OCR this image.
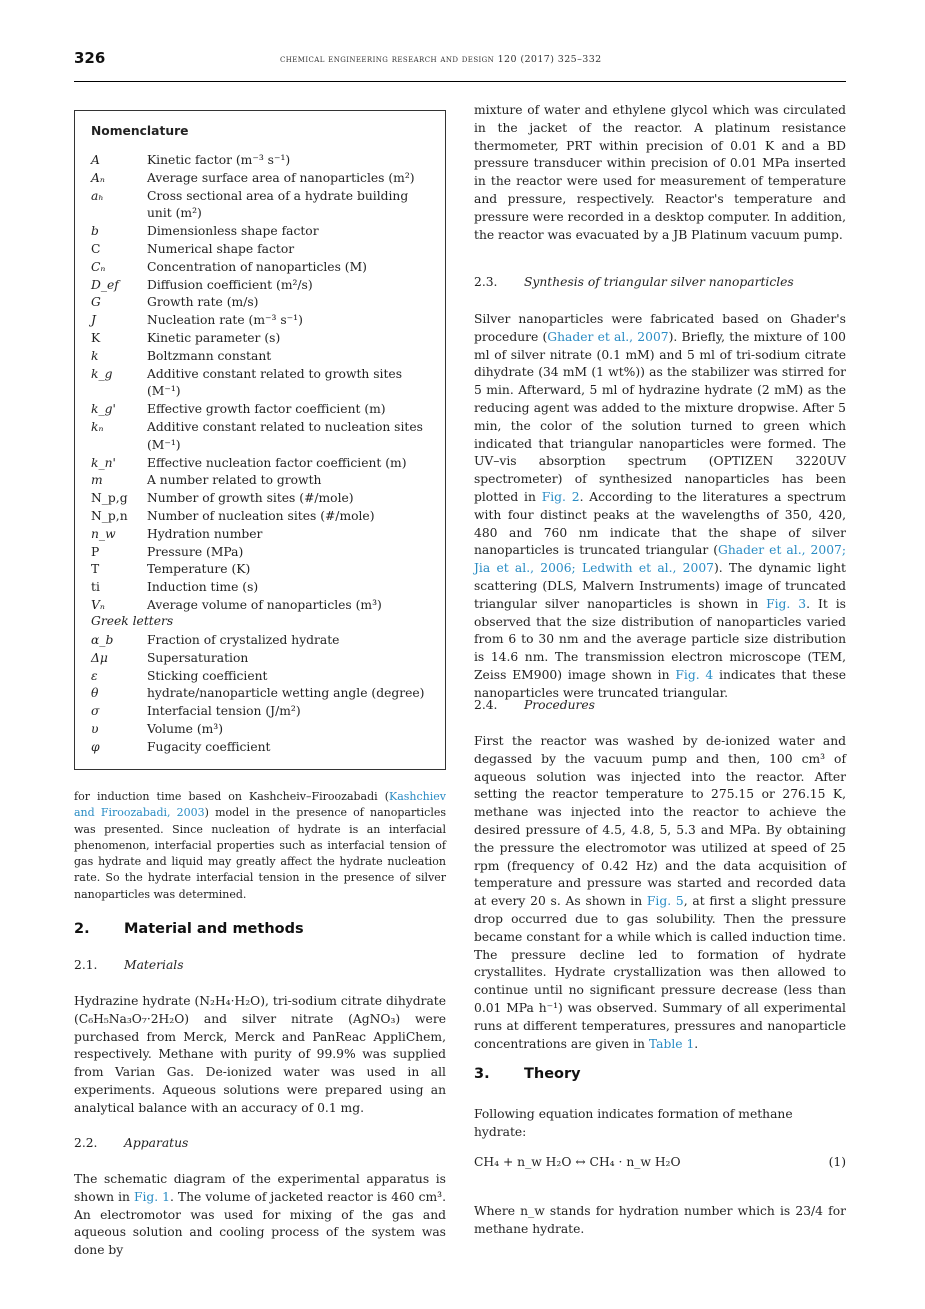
326	chemical engineering research and design 120 (2017) 325–332
Nomenclature
A	Kinetic factor (m⁻³ s⁻¹)
Aₙ	Average surface area of nanoparticles (m²)
aₕ	Cross sectional area of a hydrate building unit (m²)
b	Dimensionless shape factor
C	Numerical shape factor
Cₙ	Concentration of nanoparticles (M)
D_ef Diffusion coefficient (m²/s)
G	Growth rate (m/s)
J	Nucleation rate (m⁻³ s⁻¹)
K	Kinetic parameter (s)
k	Boltzmann constant
k_g	Additive constant related to growth sites (M⁻¹)
k_g'	Effective growth factor coefficient (m)
kₙ	Additive constant related to nucleation sites (M⁻¹)
k_n'	Effective nucleation factor coefficient (m)
m	A number related to growth
N_p,g Number of growth sites (#/mole)
N_p,n Number of nucleation sites (#/mole)
n_w	Hydration number
P	Pressure (MPa)
T	Temperature (K)
ti	Induction time (s)
Vₙ	Average volume of nanoparticles (m³)
Greek letters
α_b	Fraction of crystalized hydrate
Δμ	Supersaturation
ε	Sticking coefficient
θ	hydrate/nanoparticle wetting angle (degree)
σ	Interfacial tension (J/m²)
υ	Volume (m³)
φ	Fugacity coefficient
for induction time based on Kashcheiv–Firoozabadi (Kashchiev and Firoozabadi, 2003) model in the presence of nanoparticles was presented. Since nucleation of hydrate is an interfacial phenomenon, interfacial properties such as interfacial tension of gas hydrate and liquid may greatly affect the hydrate nucleation rate. So the hydrate interfacial tension in the presence of silver nanoparticles was determined.
2. Material and methods
2.1. Materials
Hydrazine hydrate (N₂H₄·H₂O), tri-sodium citrate dihydrate (C₆H₅Na₃O₇·2H₂O) and silver nitrate (AgNO₃) were purchased from Merck, Merck and PanReac AppliChem, respectively. Methane with purity of 99.9% was supplied from Varian Gas. De-ionized water was used in all experiments. Aqueous solutions were prepared using an analytical balance with an accuracy of 0.1 mg.
2.2. Apparatus
The schematic diagram of the experimental apparatus is shown in Fig. 1. The volume of jacketed reactor is 460 cm³. An electromotor was used for mixing of the gas and aqueous solution and cooling process of the system was done by
mixture of water and ethylene glycol which was circulated in the jacket of the reactor. A platinum resistance thermometer, PRT within precision of 0.01 K and a BD pressure transducer within precision of 0.01 MPa inserted in the reactor were used for measurement of temperature and pressure, respectively. Reactor's temperature and pressure were recorded in a desktop computer. In addition, the reactor was evacuated by a JB Platinum vacuum pump.
2.3. Synthesis of triangular silver nanoparticles
Silver nanoparticles were fabricated based on Ghader's procedure (Ghader et al., 2007). Briefly, the mixture of 100 ml of silver nitrate (0.1 mM) and 5 ml of tri-sodium citrate dihydrate (34 mM (1 wt%)) as the stabilizer was stirred for 5 min. Afterward, 5 ml of hydrazine hydrate (2 mM) as the reducing agent was added to the mixture dropwise. After 5 min, the color of the solution turned to green which indicated that triangular nanoparticles were formed. The UV–vis absorption spectrum (OPTIZEN 3220UV spectrometer) of synthesized nanoparticles has been plotted in Fig. 2. According to the literatures a spectrum with four distinct peaks at the wavelengths of 350, 420, 480 and 760 nm indicate that the shape of silver nanoparticles is truncated triangular (Ghader et al., 2007; Jia et al., 2006; Ledwith et al., 2007). The dynamic light scattering (DLS, Malvern Instruments) image of truncated triangular silver nanoparticles is shown in Fig. 3. It is observed that the size distribution of nanoparticles varied from 6 to 30 nm and the average particle size distribution is 14.6 nm. The transmission electron microscope (TEM, Zeiss EM900) image shown in Fig. 4 indicates that these nanoparticles were truncated triangular.
2.4. Procedures
First the reactor was washed by de-ionized water and degassed by the vacuum pump and then, 100 cm³ of aqueous solution was injected into the reactor. After setting the reactor temperature to 275.15 or 276.15 K, methane was injected into the reactor to achieve the desired pressure of 4.5, 4.8, 5, 5.3 and MPa. By obtaining the pressure the electromotor was utilized at speed of 25 rpm (frequency of 0.42 Hz) and the data acquisition of temperature and pressure was started and recorded data at every 20 s. As shown in Fig. 5, at first a slight pressure drop occurred due to gas solubility. Then the pressure became constant for a while which is called induction time. The pressure decline led to formation of hydrate crystallites. Hydrate crystallization was then allowed to continue until no significant pressure decrease (less than 0.01 MPa h⁻¹) was observed. Summary of all experimental runs at different temperatures, pressures and nanoparticle concentrations are given in Table 1.
3. Theory
Following equation indicates formation of methane hydrate:
CH₄ + n_w H₂O ↔ CH₄ · n_w H₂O	(1)
Where n_w stands for hydration number which is 23/4 for methane hydrate.
